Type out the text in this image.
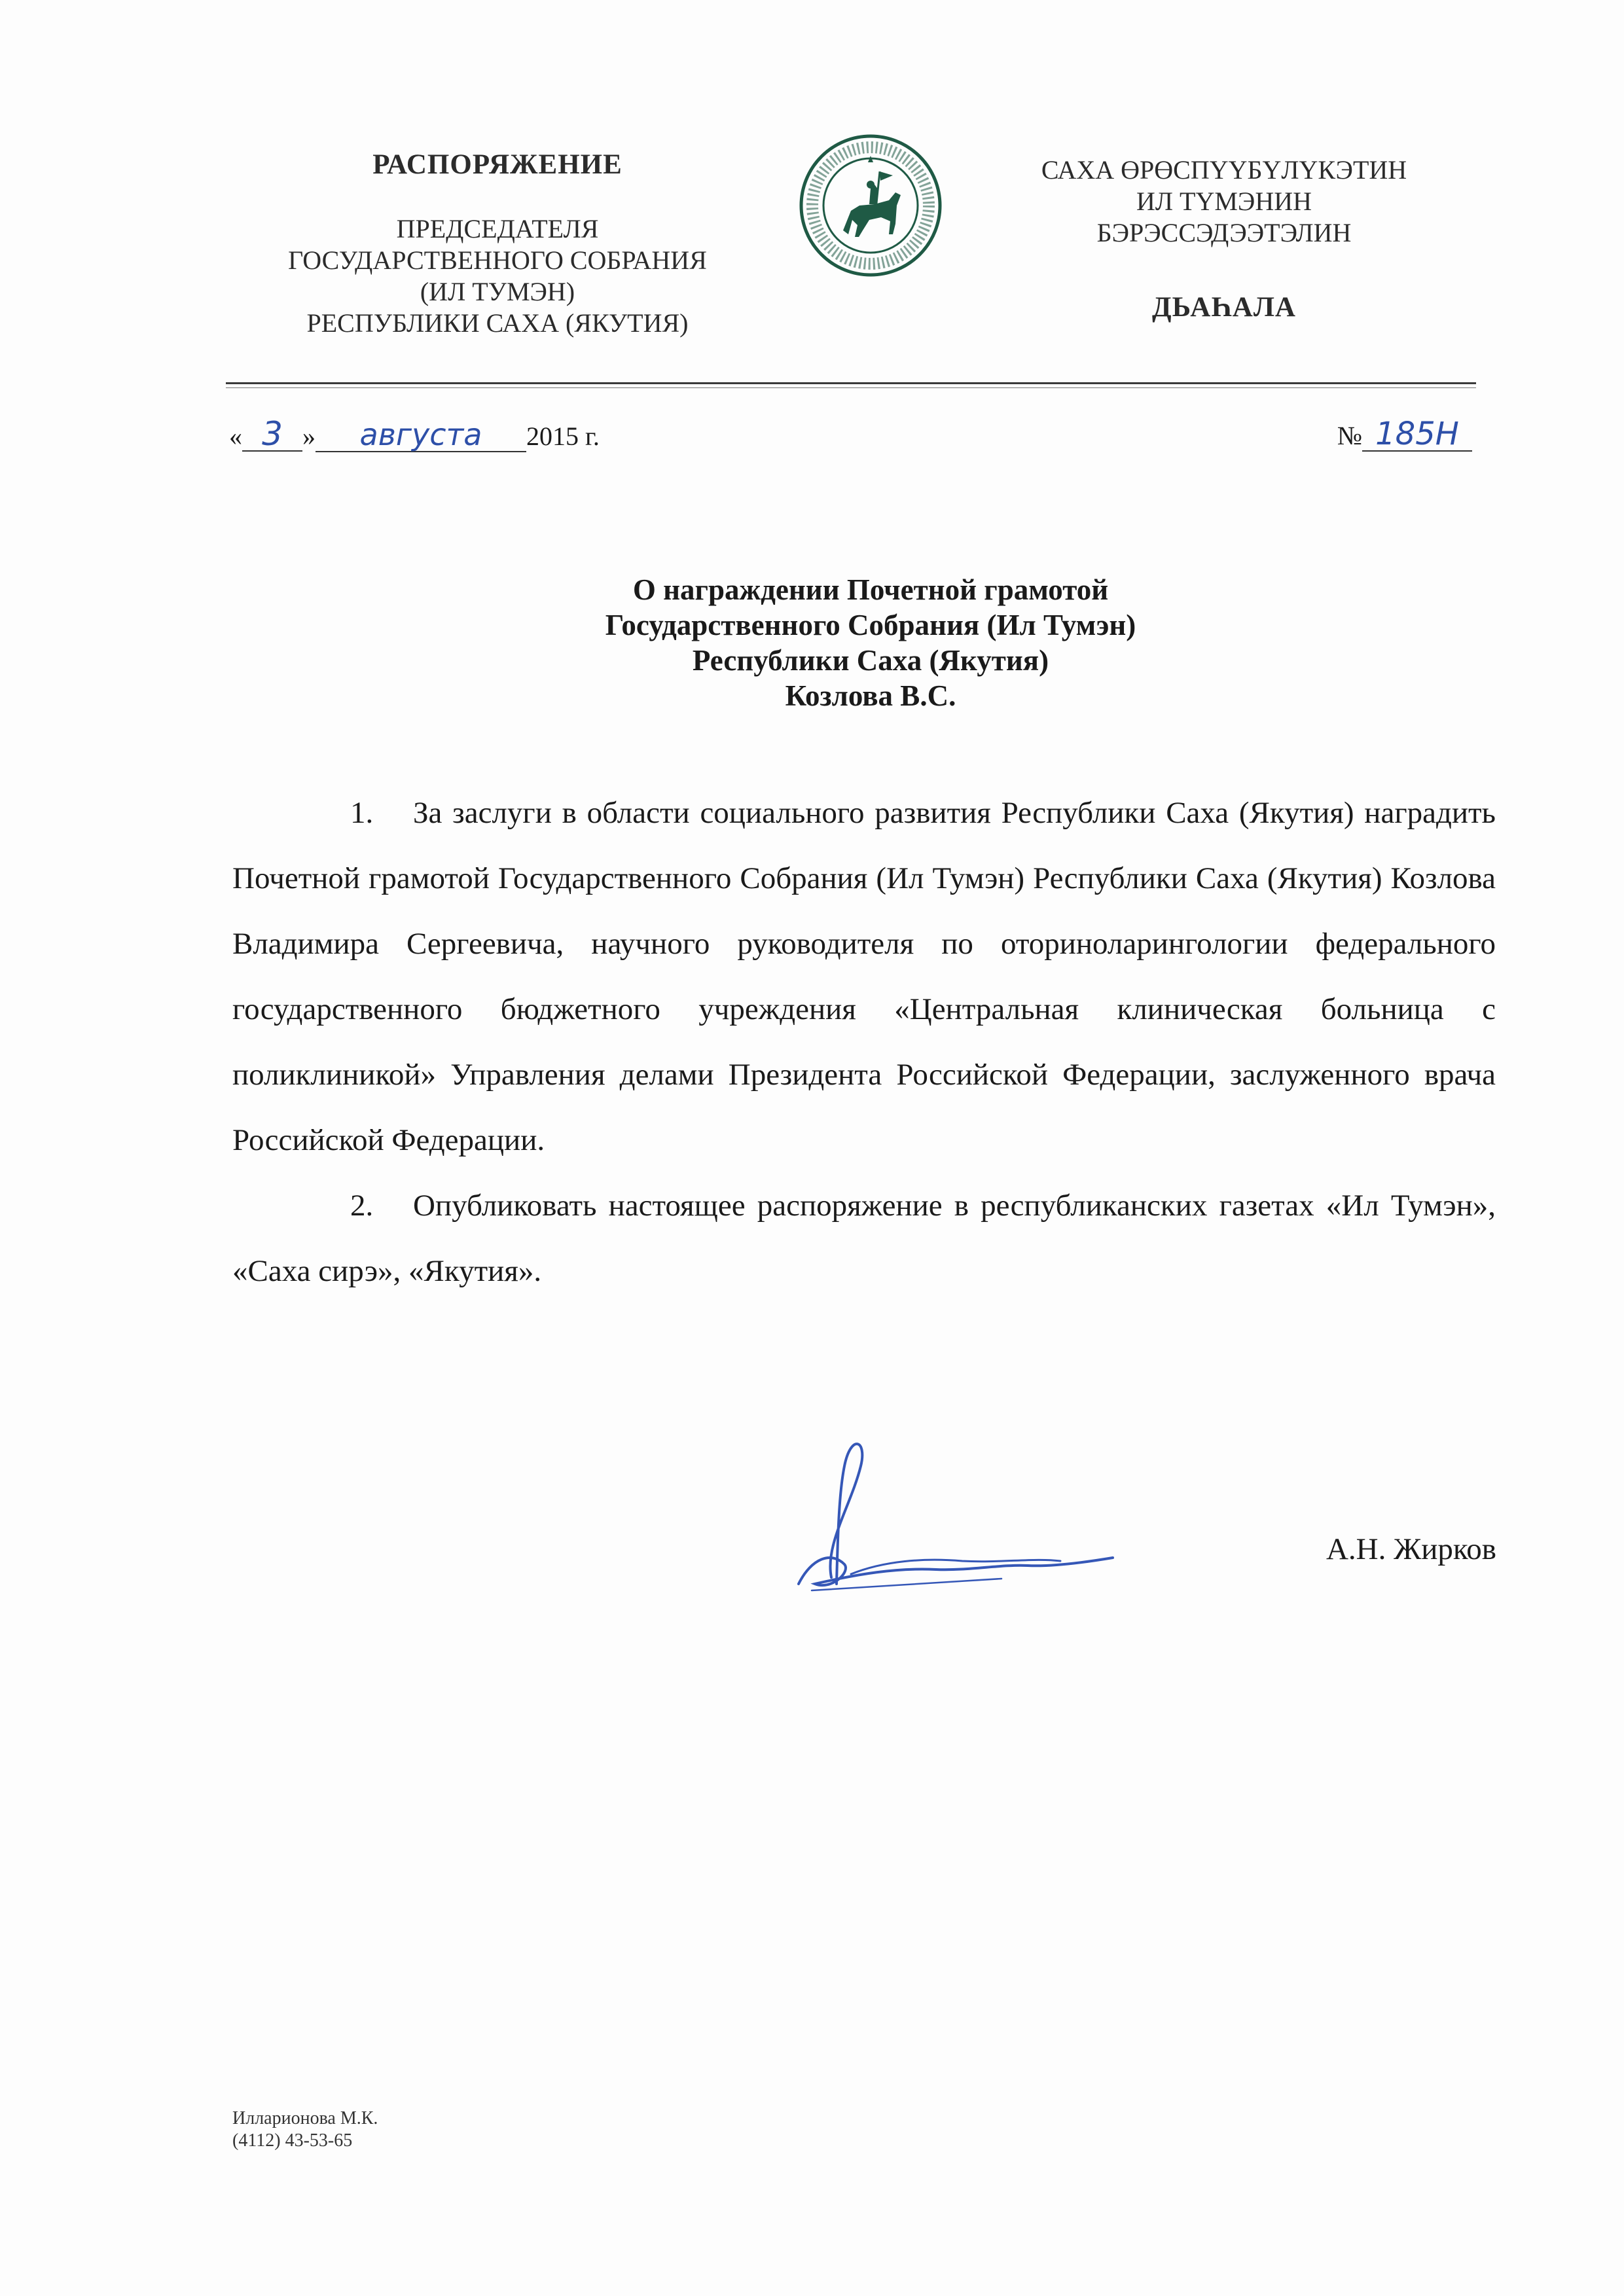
РАСПОРЯЖЕНИЕ
ПРЕДСЕДАТЕЛЯ
ГОСУДАРСТВЕННОГО СОБРАНИЯ
(ИЛ ТУМЭН)
РЕСПУБЛИКИ САХА (ЯКУТИЯ)
САХА ӨРӨСПҮҮБҮЛҮКЭТИН
ИЛ ТҮМЭНИН
БЭРЭССЭДЭЭТЭЛИН
ДЬАҺАЛА
« 3 » августа 2015 г.	№ 185Н
О награждении Почетной грамотой
Государственного Собрания (Ил Тумэн)
Республики Саха (Якутия)
Козлова В.С.

1. За заслуги в области социального развития Республики Саха (Якутия) наградить Почетной грамотой Государственного Собрания (Ил Тумэн) Республики Саха (Якутия) Козлова Владимира Сергеевича, научного руководителя по оториноларингологии федерального государственного бюджетного учреждения «Центральная клиническая больница с поликлиникой» Управления делами Президента Российской Федерации, заслуженного врача Российской Федерации.

2. Опубликовать настоящее распоряжение в республиканских газетах «Ил Тумэн», «Саха сирэ», «Якутия».

А.Н. Жирков
Илларионова М.К.
(4112) 43-53-65
